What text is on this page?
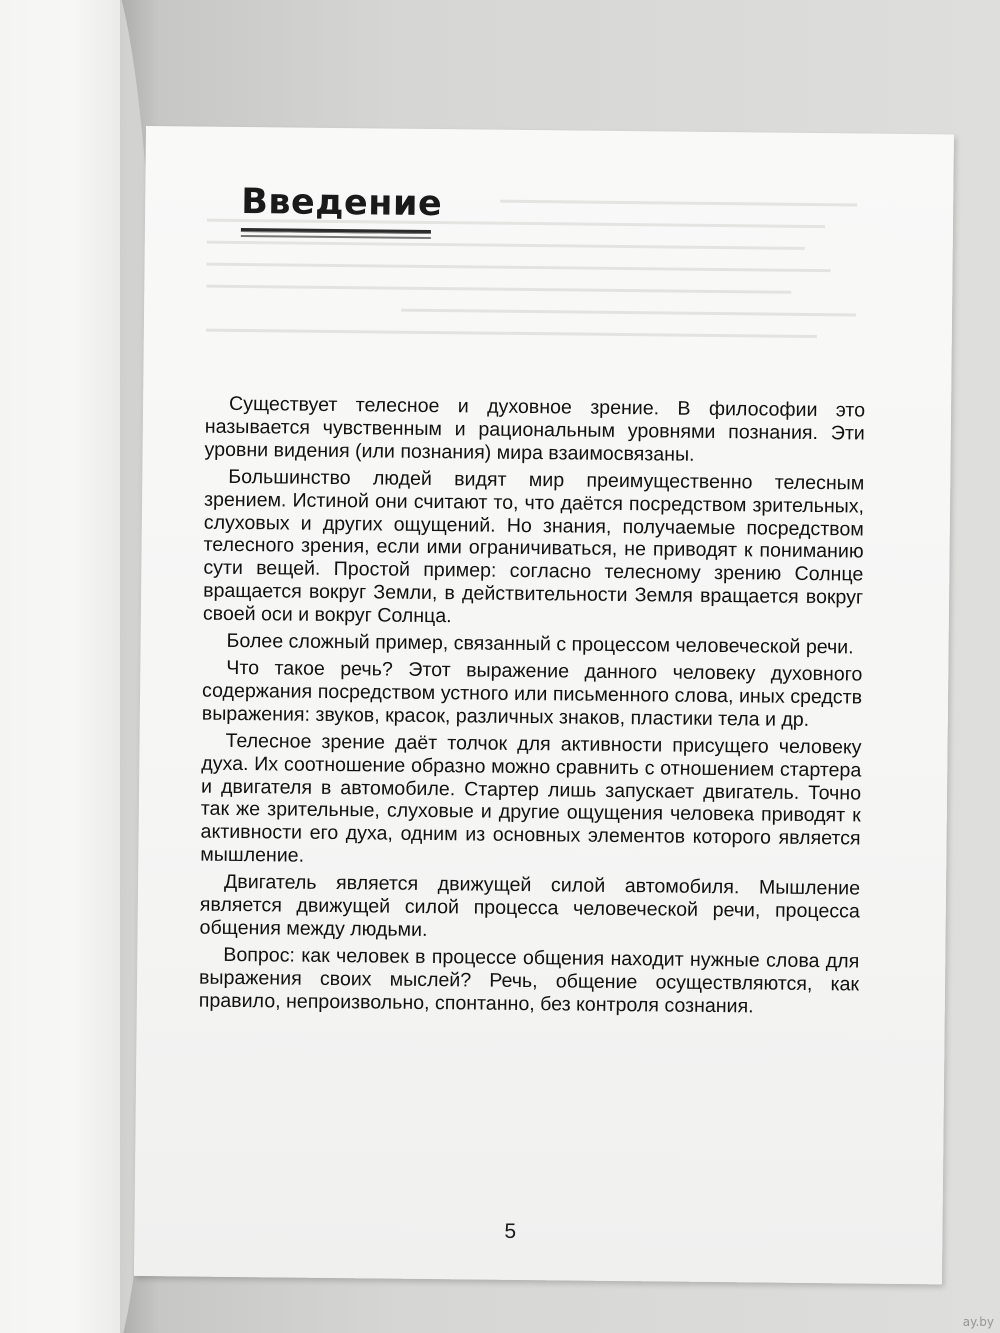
Введение

Существует телесное и духовное зрение. В философии это называется чувственным и рациональным уровнями познания. Эти уровни видения (или познания) мира взаимосвязаны.

Большинство людей видят мир преимущественно телесным зрением. Истиной они считают то, что даётся посредством зрительных, слуховых и других ощущений. Но знания, получаемые посредством телесного зрения, если ими ограничиваться, не приводят к пониманию сути вещей. Простой пример: согласно телесному зрению Солнце вращается вокруг Земли, в действительности Земля вращается вокруг своей оси и вокруг Солнца.

Более сложный пример, связанный с процессом человеческой речи.

Что такое речь? Этот выражение данного человеку духовного содержания посредством устного или письменного слова, иных средств выражения: звуков, красок, различных знаков, пластики тела и др.

Телесное зрение даёт толчок для активности присущего человеку духа. Их соотношение образно можно сравнить с отношением стартера и двигателя в автомобиле. Стартер лишь запускает двигатель. Точно так же зрительные, слуховые и другие ощущения человека приводят к активности его духа, одним из основных элементов которого является мышление.

Двигатель является движущей силой автомобиля. Мышление является движущей силой процесса человеческой речи, процесса общения между людьми.

Вопрос: как человек в процессе общения находит нужные слова для выражения своих мыслей? Речь, общение осуществляются, как правило, непроизвольно, спонтанно, без контроля сознания.

5
ay.by
